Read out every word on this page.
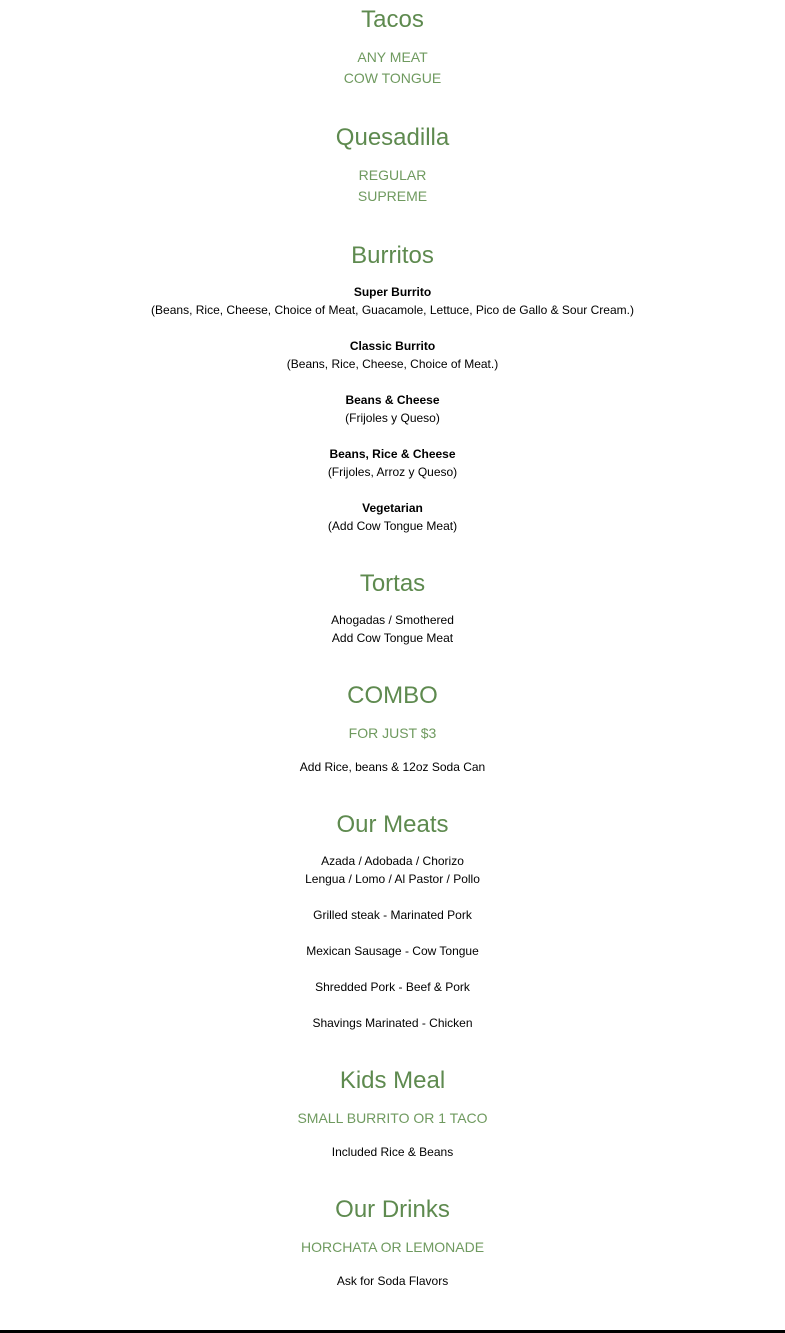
Tacos

ANY MEAT

COW TONGUE

Quesadilla

REGULAR

SUPREME

Burritos

Super Burrito

(Beans, Rice, Cheese, Choice of Meat, Guacamole, Lettuce, Pico de Gallo & Sour Cream.)

Classic Burrito

(Beans, Rice, Cheese, Choice of Meat.)

Beans & Cheese

(Frijoles y Queso)

Beans, Rice & Cheese

(Frijoles, Arroz y Queso)

Vegetarian

(Add Cow Tongue Meat)

Tortas

Ahogadas / Smothered

Add Cow Tongue Meat

COMBO

FOR JUST $3

Add Rice, beans & 12oz Soda Can

Our Meats

Azada / Adobada / Chorizo

Lengua / Lomo / Al Pastor / Pollo

Grilled steak - Marinated Pork

Mexican Sausage - Cow Tongue

Shredded Pork - Beef & Pork

Shavings Marinated - Chicken

Kids Meal

SMALL BURRITO OR 1 TACO

Included Rice & Beans

Our Drinks

HORCHATA OR LEMONADE

Ask for Soda Flavors
